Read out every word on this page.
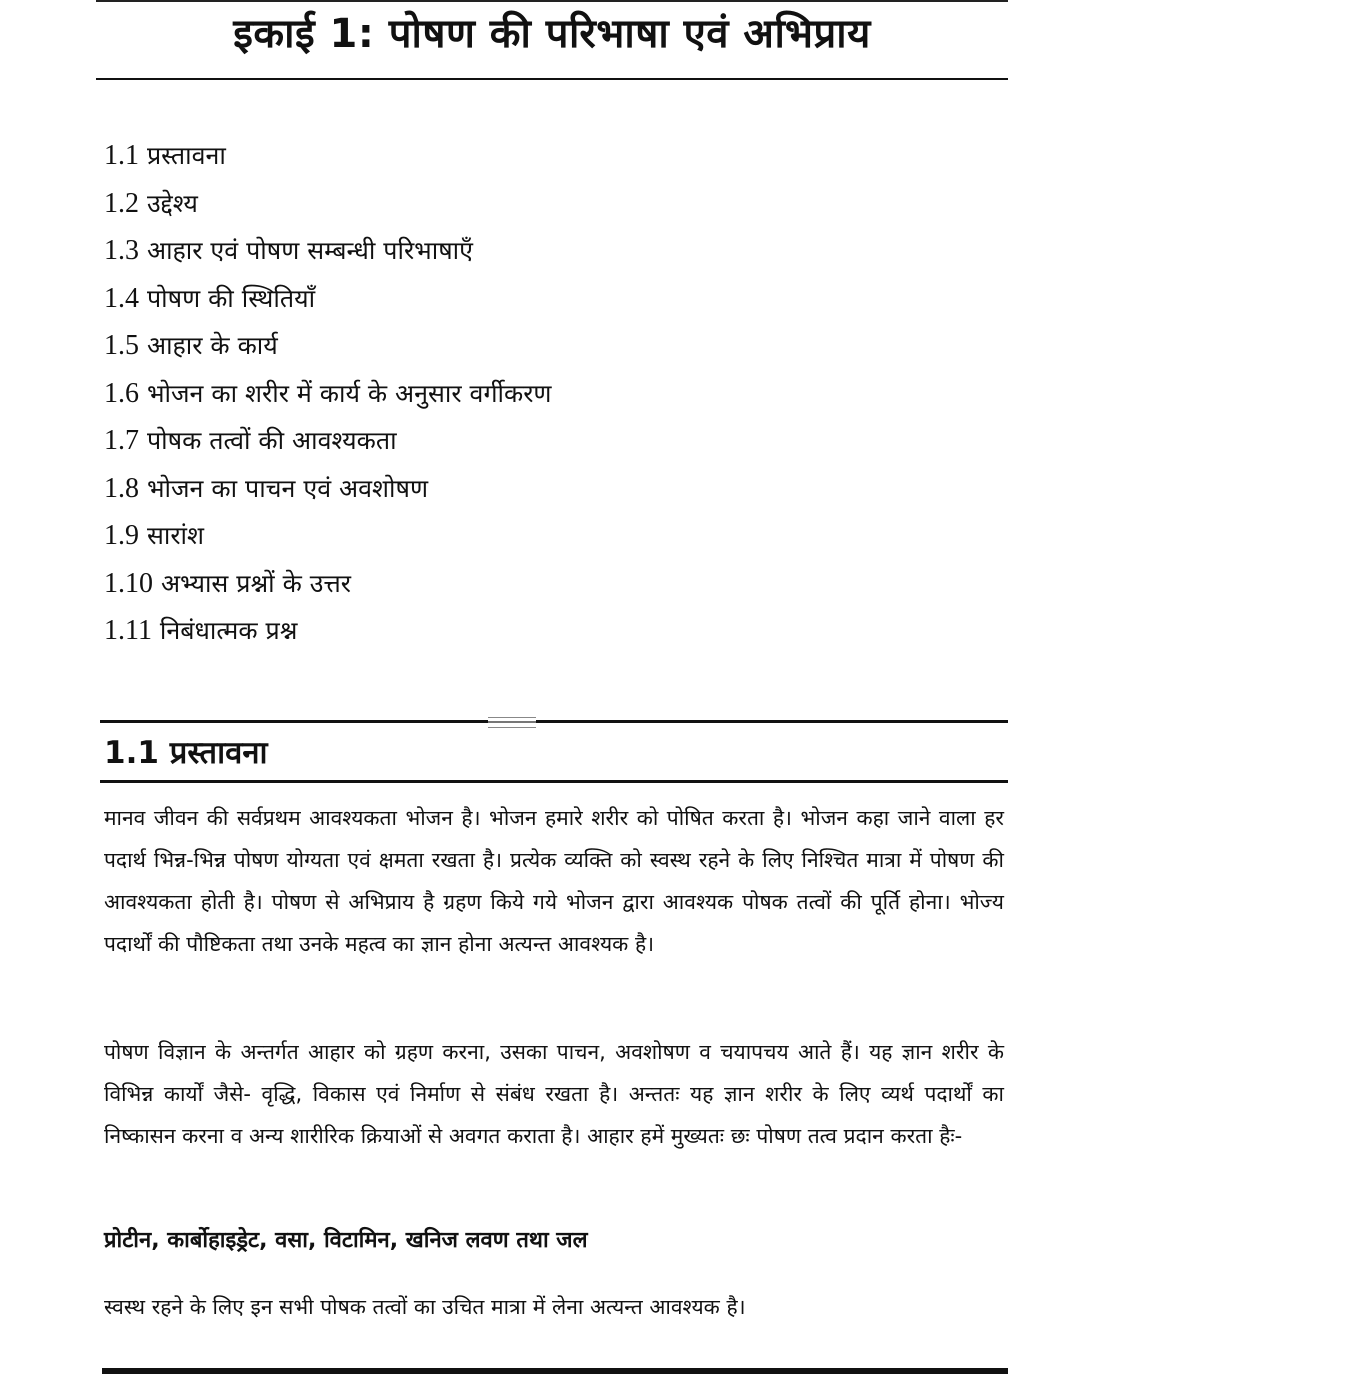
इकाई 1: पोषण की परिभाषा एवं अभिप्राय
1.1 प्रस्तावना
1.2 उद्देश्य
1.3 आहार एवं पोषण सम्बन्धी परिभाषाएँ
1.4 पोषण की स्थितियाँ
1.5 आहार के कार्य
1.6 भोजन का शरीर में कार्य के अनुसार वर्गीकरण
1.7 पोषक तत्वों की आवश्यकता
1.8 भोजन का पाचन एवं अवशोषण
1.9 सारांश
1.10 अभ्यास प्रश्नों के उत्तर
1.11 निबंधात्मक प्रश्न
1.1 प्रस्तावना

मानव जीवन की सर्वप्रथम आवश्यकता भोजन है। भोजन हमारे शरीर को पोषित करता है। भोजन कहा जाने वाला हर पदार्थ भिन्न-भिन्न पोषण योग्यता एवं क्षमता रखता है। प्रत्येक व्यक्ति को स्वस्थ रहने के लिए निश्चित मात्रा में पोषण की आवश्यकता होती है। पोषण से अभिप्राय है ग्रहण किये गये भोजन द्वारा आवश्यक पोषक तत्वों की पूर्ति होना। भोज्य पदार्थों की पौष्टिकता तथा उनके महत्व का ज्ञान होना अत्यन्त आवश्यक है।

पोषण विज्ञान के अन्तर्गत आहार को ग्रहण करना, उसका पाचन, अवशोषण व चयापचय आते हैं। यह ज्ञान शरीर के विभिन्न कार्यों जैसे- वृद्धि, विकास एवं निर्माण से संबंध रखता है। अन्ततः यह ज्ञान शरीर के लिए व्यर्थ पदार्थों का निष्कासन करना व अन्य शारीरिक क्रियाओं से अवगत कराता है। आहार हमें मुख्यतः छः पोषण तत्व प्रदान करता हैः-

प्रोटीन, कार्बोहाइड्रेट, वसा, विटामिन, खनिज लवण तथा जल

स्वस्थ रहने के लिए इन सभी पोषक तत्वों का उचित मात्रा में लेना अत्यन्त आवश्यक है।
